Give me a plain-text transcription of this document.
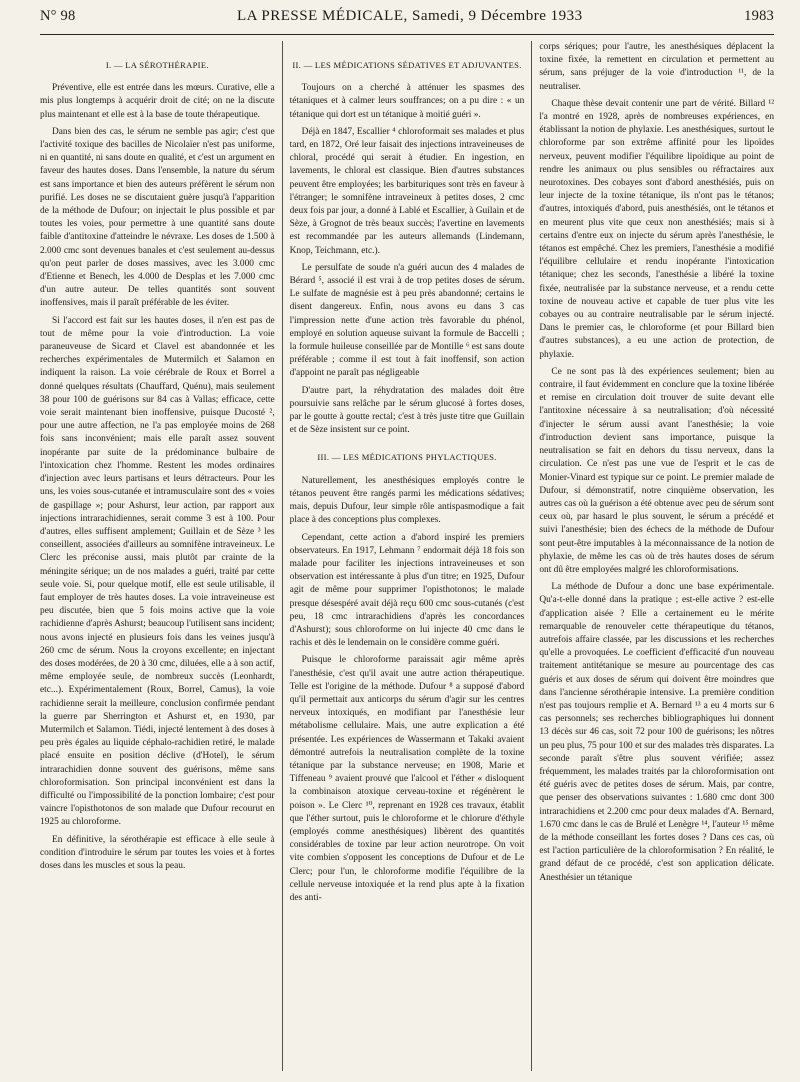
N° 98	LA PRESSE MÉDICALE, Samedi, 9 Décembre 1933	1983
I. — LA SÉROTHÉRAPIE.

Préventive, elle est entrée dans les mœurs. Curative, elle a mis plus longtemps à acquérir droit de cité; on ne la discute plus maintenant et elle est à la base de toute thérapeutique.

Dans bien des cas, le sérum ne semble pas agir; c'est que l'activité toxique des bacilles de Nicolaïer n'est pas uniforme, ni en quantité, ni sans doute en qualité, et c'est un argument en faveur des hautes doses. Dans l'ensemble, la nature du sérum est sans importance et bien des auteurs préfèrent le sérum non purifié. Les doses ne se discutaient guère jusqu'à l'apparition de la méthode de Dufour; on injectait le plus possible et par toutes les voies, pour permettre à une quantité sans doute faible d'antitoxine d'atteindre le névraxe. Les doses de 1.500 à 2.000 cmc sont devenues banales et c'est seulement au-dessus qu'on peut parler de doses massives, avec les 3.000 cmc d'Etienne et Benech, les 4.000 de Desplas et les 7.000 cmc d'un autre auteur. De telles quantités sont souvent inoffensives, mais il paraît préférable de les éviter.

Si l'accord est fait sur les hautes doses, il n'en est pas de tout de même pour la voie d'introduction. La voie paraneuveuse de Sicard et Clavel est abandonnée et les recherches expérimentales de Mutermilch et Salamon en indiquent la raison. La voie cérébrale de Roux et Borrel a donné quelques résultats (Chauffard, Quénu), mais seulement 38 pour 100 de guérisons sur 84 cas à Vallas; efficace, cette voie serait maintenant bien inoffensive, puisque Ducosté ², pour une autre affection, ne l'a pas employée moins de 268 fois sans inconvénient; mais elle paraît assez souvent inopérante par suite de la prédominance bulbaire de l'intoxication chez l'homme. Restent les modes ordinaires d'injection avec leurs partisans et leurs détracteurs. Pour les uns, les voies sous-cutanée et intramusculaire sont des « voies de gaspillage »; pour Ashurst, leur action, par rapport aux injections intrarachidiennes, serait comme 3 est à 100. Pour d'autres, elles suffisent amplement; Guillain et de Sèze ³ les conseillent, associées d'ailleurs au somnifène intraveineux. Le Clerc les préconise aussi, mais plutôt par crainte de la méningite sérique; un de nos malades a guéri, traité par cette seule voie. Si, pour quelque motif, elle est seule utilisable, il faut employer de très hautes doses. La voie intraveineuse est peu discutée, bien que 5 fois moins active que la voie rachidienne d'après Ashurst; beaucoup l'utilisent sans incident; nous avons injecté en plusieurs fois dans les veines jusqu'à 260 cmc de sérum. Nous la croyons excellente; en injectant des doses modérées, de 20 à 30 cmc, diluées, elle a à son actif, même employée seule, de nombreux succès (Leonhardt, etc...). Expérimentalement (Roux, Borrel, Camus), la voie rachidienne serait la meilleure, conclusion confirmée pendant la guerre par Sherrington et Ashurst et, en 1930, par Mutermilch et Salamon. Tiédi, injecté lentement à des doses à peu près égales au liquide céphalo-rachidien retiré, le malade placé ensuite en position déclive (d'Hotel), le sérum intrarachidien donne souvent des guérisons, même sans chloroformisation. Son principal inconvénient est dans la difficulté ou l'impossibilité de la ponction lombaire; c'est pour vaincre l'opisthotonos de son malade que Dufour recourut en 1925 au chloroforme.

En définitive, la sérothérapie est efficace à elle seule à condition d'introduire le sérum par toutes les voies et à fortes doses dans les muscles et sous la peau.

II. — LES MÉDICATIONS SÉDATIVES ET ADJUVANTES.

Toujours on a cherché à atténuer les spasmes des tétaniques et à calmer leurs souffrances; on a pu dire : « un tétanique qui dort est un tétanique à moitié guéri ».

Déjà en 1847, Escallier ⁴ chloroformait ses malades et plus tard, en 1872, Oré leur faisait des injections intraveineuses de chloral, procédé qui serait à étudier. En ingestion, en lavements, le chloral est classique. Bien d'autres substances peuvent être employées; les barbituriques sont très en faveur à l'étranger; le somnifène intraveineux à petites doses, 2 cmc deux fois par jour, a donné à Lablé et Escallier, à Guilain et de Sèze, à Grognot de très beaux succès; l'avertine en lavements est recommandée par les auteurs allemands (Lindemann, Knop, Teichmann, etc.).

Le persulfate de soude n'a guéri aucun des 4 malades de Bérard ⁵, associé il est vrai à de trop petites doses de sérum. Le sulfate de magnésie est à peu près abandonné; certains le disent dangereux. Enfin, nous avons eu dans 3 cas l'impression nette d'une action très favorable du phénol, employé en solution aqueuse suivant la formule de Baccelli ; la formule huileuse conseillée par de Montille ⁶ est sans doute préférable ; comme il est tout à fait inoffensif, son action d'appoint ne paraît pas négligeable

D'autre part, la réhydratation des malades doit être poursuivie sans relâche par le sérum glucosé à fortes doses, par le goutte à goutte rectal; c'est à très juste titre que Guillain et de Sèze insistent sur ce point.

III. — LES MÉDICATIONS PHYLACTIQUES.

Naturellement, les anesthésiques employés contre le tétanos peuvent être rangés parmi les médications sédatives; mais, depuis Dufour, leur simple rôle antispasmodique a fait place à des conceptions plus complexes.

Cependant, cette action a d'abord inspiré les premiers observateurs. En 1917, Lehmann ⁷ endormait déjà 18 fois son malade pour faciliter les injections intraveineuses et son observation est intéressante à plus d'un titre; en 1925, Dufour agit de même pour supprimer l'opisthotonos; le malade presque désespéré avait déjà reçu 600 cmc sous-cutanés (c'est peu, 18 cmc intrarachidiens d'après les concordances d'Ashurst); sous chloroforme on lui injecte 40 cmc dans le rachis et dès le lendemain on le considère comme guéri.

Puisque le chloroforme paraissait agir même après l'anesthésie, c'est qu'il avait une autre action thérapeutique. Telle est l'origine de la méthode. Dufour ⁸ a supposé d'abord qu'il permettait aux anticorps du sérum d'agir sur les centres nerveux intoxiqués, en modifiant par l'anesthésie leur métabolisme cellulaire. Mais, une autre explication a été présentée. Les expériences de Wassermann et Takaki avaient démontré autrefois la neutralisation complète de la toxine tétanique par la substance nerveuse; en 1908, Marie et Tiffeneau ⁹ avaient prouvé que l'alcool et l'éther « disloquent la combinaison atoxique cerveau-toxine et régénèrent le poison ». Le Clerc ¹⁰, reprenant en 1928 ces travaux, établit que l'éther surtout, puis le chloroforme et le chlorure d'éthyle (employés comme anesthésiques) libèrent des quantités considérables de toxine par leur action neurotrope. On voit vite combien s'opposent les conceptions de Dufour et de Le Clerc; pour l'un, le chloroforme modifie l'équilibre de la cellule nerveuse intoxiquée et la rend plus apte à la fixation des anti-

corps sériques; pour l'autre, les anesthésiques déplacent la toxine fixée, la remettent en circulation et permettent au sérum, sans préjuger de la voie d'introduction ¹¹, de la neutraliser.

Chaque thèse devait contenir une part de vérité. Billard ¹² l'a montré en 1928, après de nombreuses expériences, en établissant la notion de phylaxie. Les anesthésiques, surtout le chloroforme par son extrême affinité pour les lipoïdes nerveux, peuvent modifier l'équilibre lipoïdique au point de rendre les animaux ou plus sensibles ou réfractaires aux neurotoxines. Des cobayes sont d'abord anesthésiés, puis on leur injecte de la toxine tétanique, ils n'ont pas le tétanos; d'autres, intoxiqués d'abord, puis anesthésiés, ont le tétanos et en meurent plus vite que ceux non anesthésiés; mais si à certains d'entre eux on injecte du sérum après l'anesthésie, le tétanos est empêché. Chez les premiers, l'anesthésie a modifié l'équilibre cellulaire et rendu inopérante l'intoxication tétanique; chez les seconds, l'anesthésie a libéré la toxine fixée, neutralisée par la substance nerveuse, et a rendu cette toxine de nouveau active et capable de tuer plus vite les cobayes ou au contraire neutralisable par le sérum injecté. Dans le premier cas, le chloroforme (et pour Billard bien d'autres substances), a eu une action de protection, de phylaxie.

Ce ne sont pas là des expériences seulement; bien au contraire, il faut évidemment en conclure que la toxine libérée et remise en circulation doit trouver de suite devant elle l'antitoxine nécessaire à sa neutralisation; d'où nécessité d'injecter le sérum aussi avant l'anesthésie; la voie d'introduction devient sans importance, puisque la neutralisation se fait en dehors du tissu nerveux, dans la circulation. Ce n'est pas une vue de l'esprit et le cas de Monier-Vinard est typique sur ce point. Le premier malade de Dufour, si démonstratif, notre cinquième observation, les autres cas où la guérison a été obtenue avec peu de sérum sont ceux où, par hasard le plus souvent, le sérum a précédé et suivi l'anesthésie; bien des échecs de la méthode de Dufour sont peut-être imputables à la méconnaissance de la notion de phylaxie, de même les cas où de très hautes doses de sérum ont dû être employées malgré les chloroformisations.

La méthode de Dufour a donc une base expérimentale. Qu'a-t-elle donné dans la pratique ; est-elle active ? est-elle d'application aisée ? Elle a certainement eu le mérite remarquable de renouveler cette thérapeutique du tétanos, autrefois affaire classée, par les discussions et les recherches qu'elle a provoquées. Le coefficient d'efficacité d'un nouveau traitement antitétanique se mesure au pourcentage des cas guéris et aux doses de sérum qui doivent être moindres que dans l'ancienne sérothérapie intensive. La première condition n'est pas toujours remplie et A. Bernard ¹³ a eu 4 morts sur 6 cas personnels; ses recherches bibliographiques lui donnent 13 décès sur 46 cas, soit 72 pour 100 de guérisons; les nôtres un peu plus, 75 pour 100 et sur des malades très disparates. La seconde paraît s'être plus souvent vérifiée; assez fréquemment, les malades traités par la chloroformisation ont été guéris avec de petites doses de sérum. Mais, par contre, que penser des observations suivantes : 1.680 cmc dont 300 intrarachidiens et 2.200 cmc pour deux malades d'A. Bernard, 1.670 cmc dans le cas de Brulé et Lenègre ¹⁴, l'auteur ¹⁵ même de la méthode conseillant les fortes doses ? Dans ces cas, où est l'action particulière de la chloroformisation ? En réalité, le grand défaut de ce procédé, c'est son application délicate. Anesthésier un tétanique
